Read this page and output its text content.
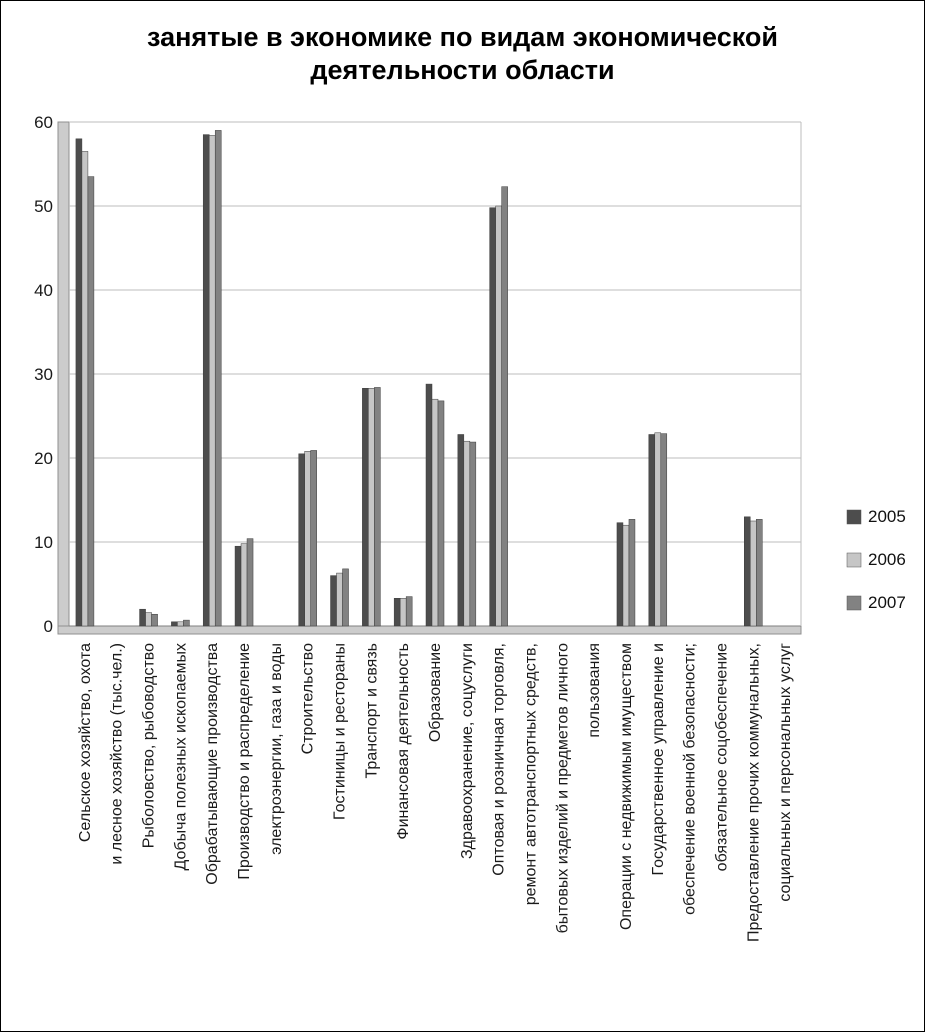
занятые в экономике по видам экономической
деятельности области
0
10
20
30
40
50
60
Сельское хозяйство, охота и лесное хозяйство (тыс.чел.) Рыболовство, рыбоводство Добыча полезных ископаемых Обрабатывающие производства Производство и распределение электроэнергии, газа и воды Строительство Гостиницы и рестораны Транспорт и связь Финансовая деятельность Образование Здравоохранение, соцуслуги Оптовая и розничная торговля, ремонт автотранспортных средств, бытовых изделий и предметов личного пользования Операции с недвижимым имуществом Государственное управление и обеспечение военной безопасности; обязательное соцобеспечение Предоставление прочих коммунальных, социальных и персональных услуг
2005
2006
2007
